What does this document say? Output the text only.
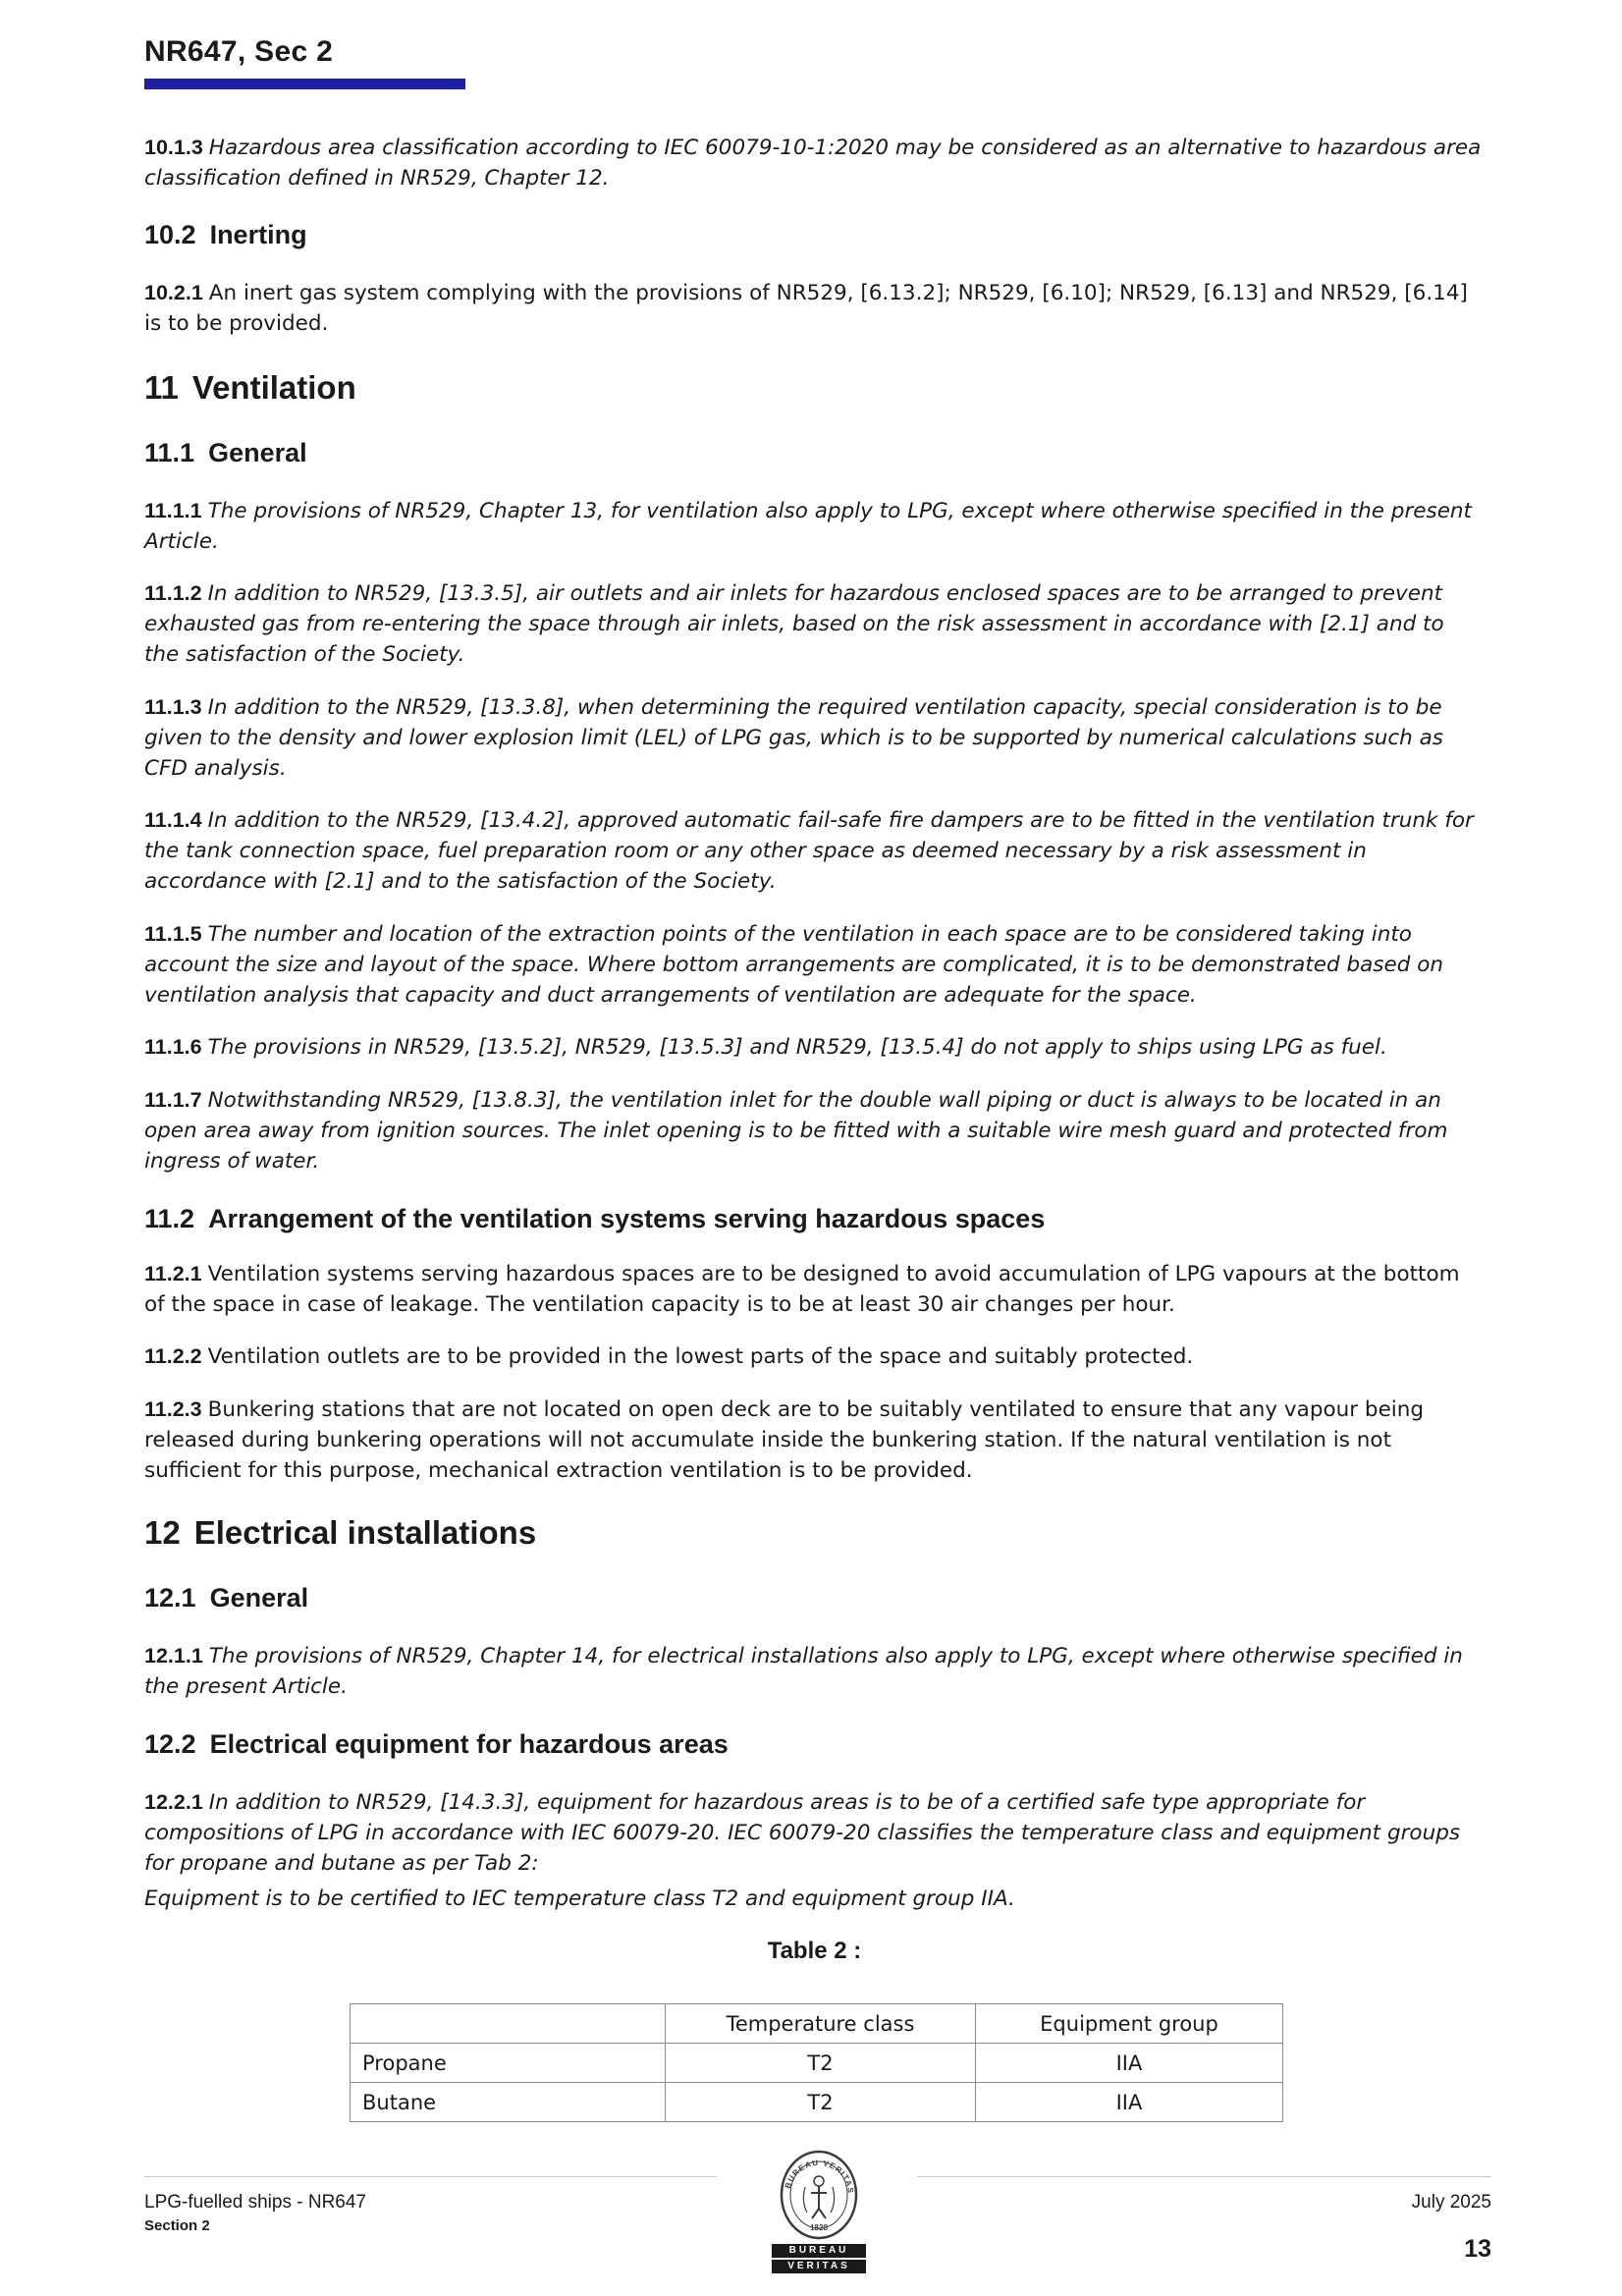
NR647, Sec 2

10.1.3 Hazardous area classification according to IEC 60079-10-1:2020 may be considered as an alternative to hazardous area classification defined in NR529, Chapter 12.

10.2 Inerting

10.2.1 An inert gas system complying with the provisions of NR529, [6.13.2]; NR529, [6.10]; NR529, [6.13] and NR529, [6.14] is to be provided.

11 Ventilation
11.1 General

11.1.1 The provisions of NR529, Chapter 13, for ventilation also apply to LPG, except where otherwise specified in the present Article.

11.1.2 In addition to NR529, [13.3.5], air outlets and air inlets for hazardous enclosed spaces are to be arranged to prevent exhausted gas from re-entering the space through air inlets, based on the risk assessment in accordance with [2.1] and to the satisfaction of the Society.

11.1.3 In addition to the NR529, [13.3.8], when determining the required ventilation capacity, special consideration is to be given to the density and lower explosion limit (LEL) of LPG gas, which is to be supported by numerical calculations such as CFD analysis.

11.1.4 In addition to the NR529, [13.4.2], approved automatic fail-safe fire dampers are to be fitted in the ventilation trunk for the tank connection space, fuel preparation room or any other space as deemed necessary by a risk assessment in accordance with [2.1] and to the satisfaction of the Society.

11.1.5 The number and location of the extraction points of the ventilation in each space are to be considered taking into account the size and layout of the space. Where bottom arrangements are complicated, it is to be demonstrated based on ventilation analysis that capacity and duct arrangements of ventilation are adequate for the space.

11.1.6 The provisions in NR529, [13.5.2], NR529, [13.5.3] and NR529, [13.5.4] do not apply to ships using LPG as fuel.

11.1.7 Notwithstanding NR529, [13.8.3], the ventilation inlet for the double wall piping or duct is always to be located in an open area away from ignition sources. The inlet opening is to be fitted with a suitable wire mesh guard and protected from ingress of water.

11.2 Arrangement of the ventilation systems serving hazardous spaces

11.2.1 Ventilation systems serving hazardous spaces are to be designed to avoid accumulation of LPG vapours at the bottom of the space in case of leakage. The ventilation capacity is to be at least 30 air changes per hour.

11.2.2 Ventilation outlets are to be provided in the lowest parts of the space and suitably protected.

11.2.3 Bunkering stations that are not located on open deck are to be suitably ventilated to ensure that any vapour being released during bunkering operations will not accumulate inside the bunkering station. If the natural ventilation is not sufficient for this purpose, mechanical extraction ventilation is to be provided.

12 Electrical installations
12.1 General

12.1.1 The provisions of NR529, Chapter 14, for electrical installations also apply to LPG, except where otherwise specified in the present Article.

12.2 Electrical equipment for hazardous areas

12.2.1 In addition to NR529, [14.3.3], equipment for hazardous areas is to be of a certified safe type appropriate for compositions of LPG in accordance with IEC 60079-20. IEC 60079-20 classifies the temperature class and equipment groups for propane and butane as per Tab 2:

Equipment is to be certified to IEC temperature class T2 and equipment group IIA.

Table 2 :
	Temperature class	Equipment group
Propane	T2	IIA
Butane	T2	IIA
LPG-fuelled ships - NR647
Section 2
July 2025
13
BUREAU VERITAS
1828
BUREAU
VERITAS
